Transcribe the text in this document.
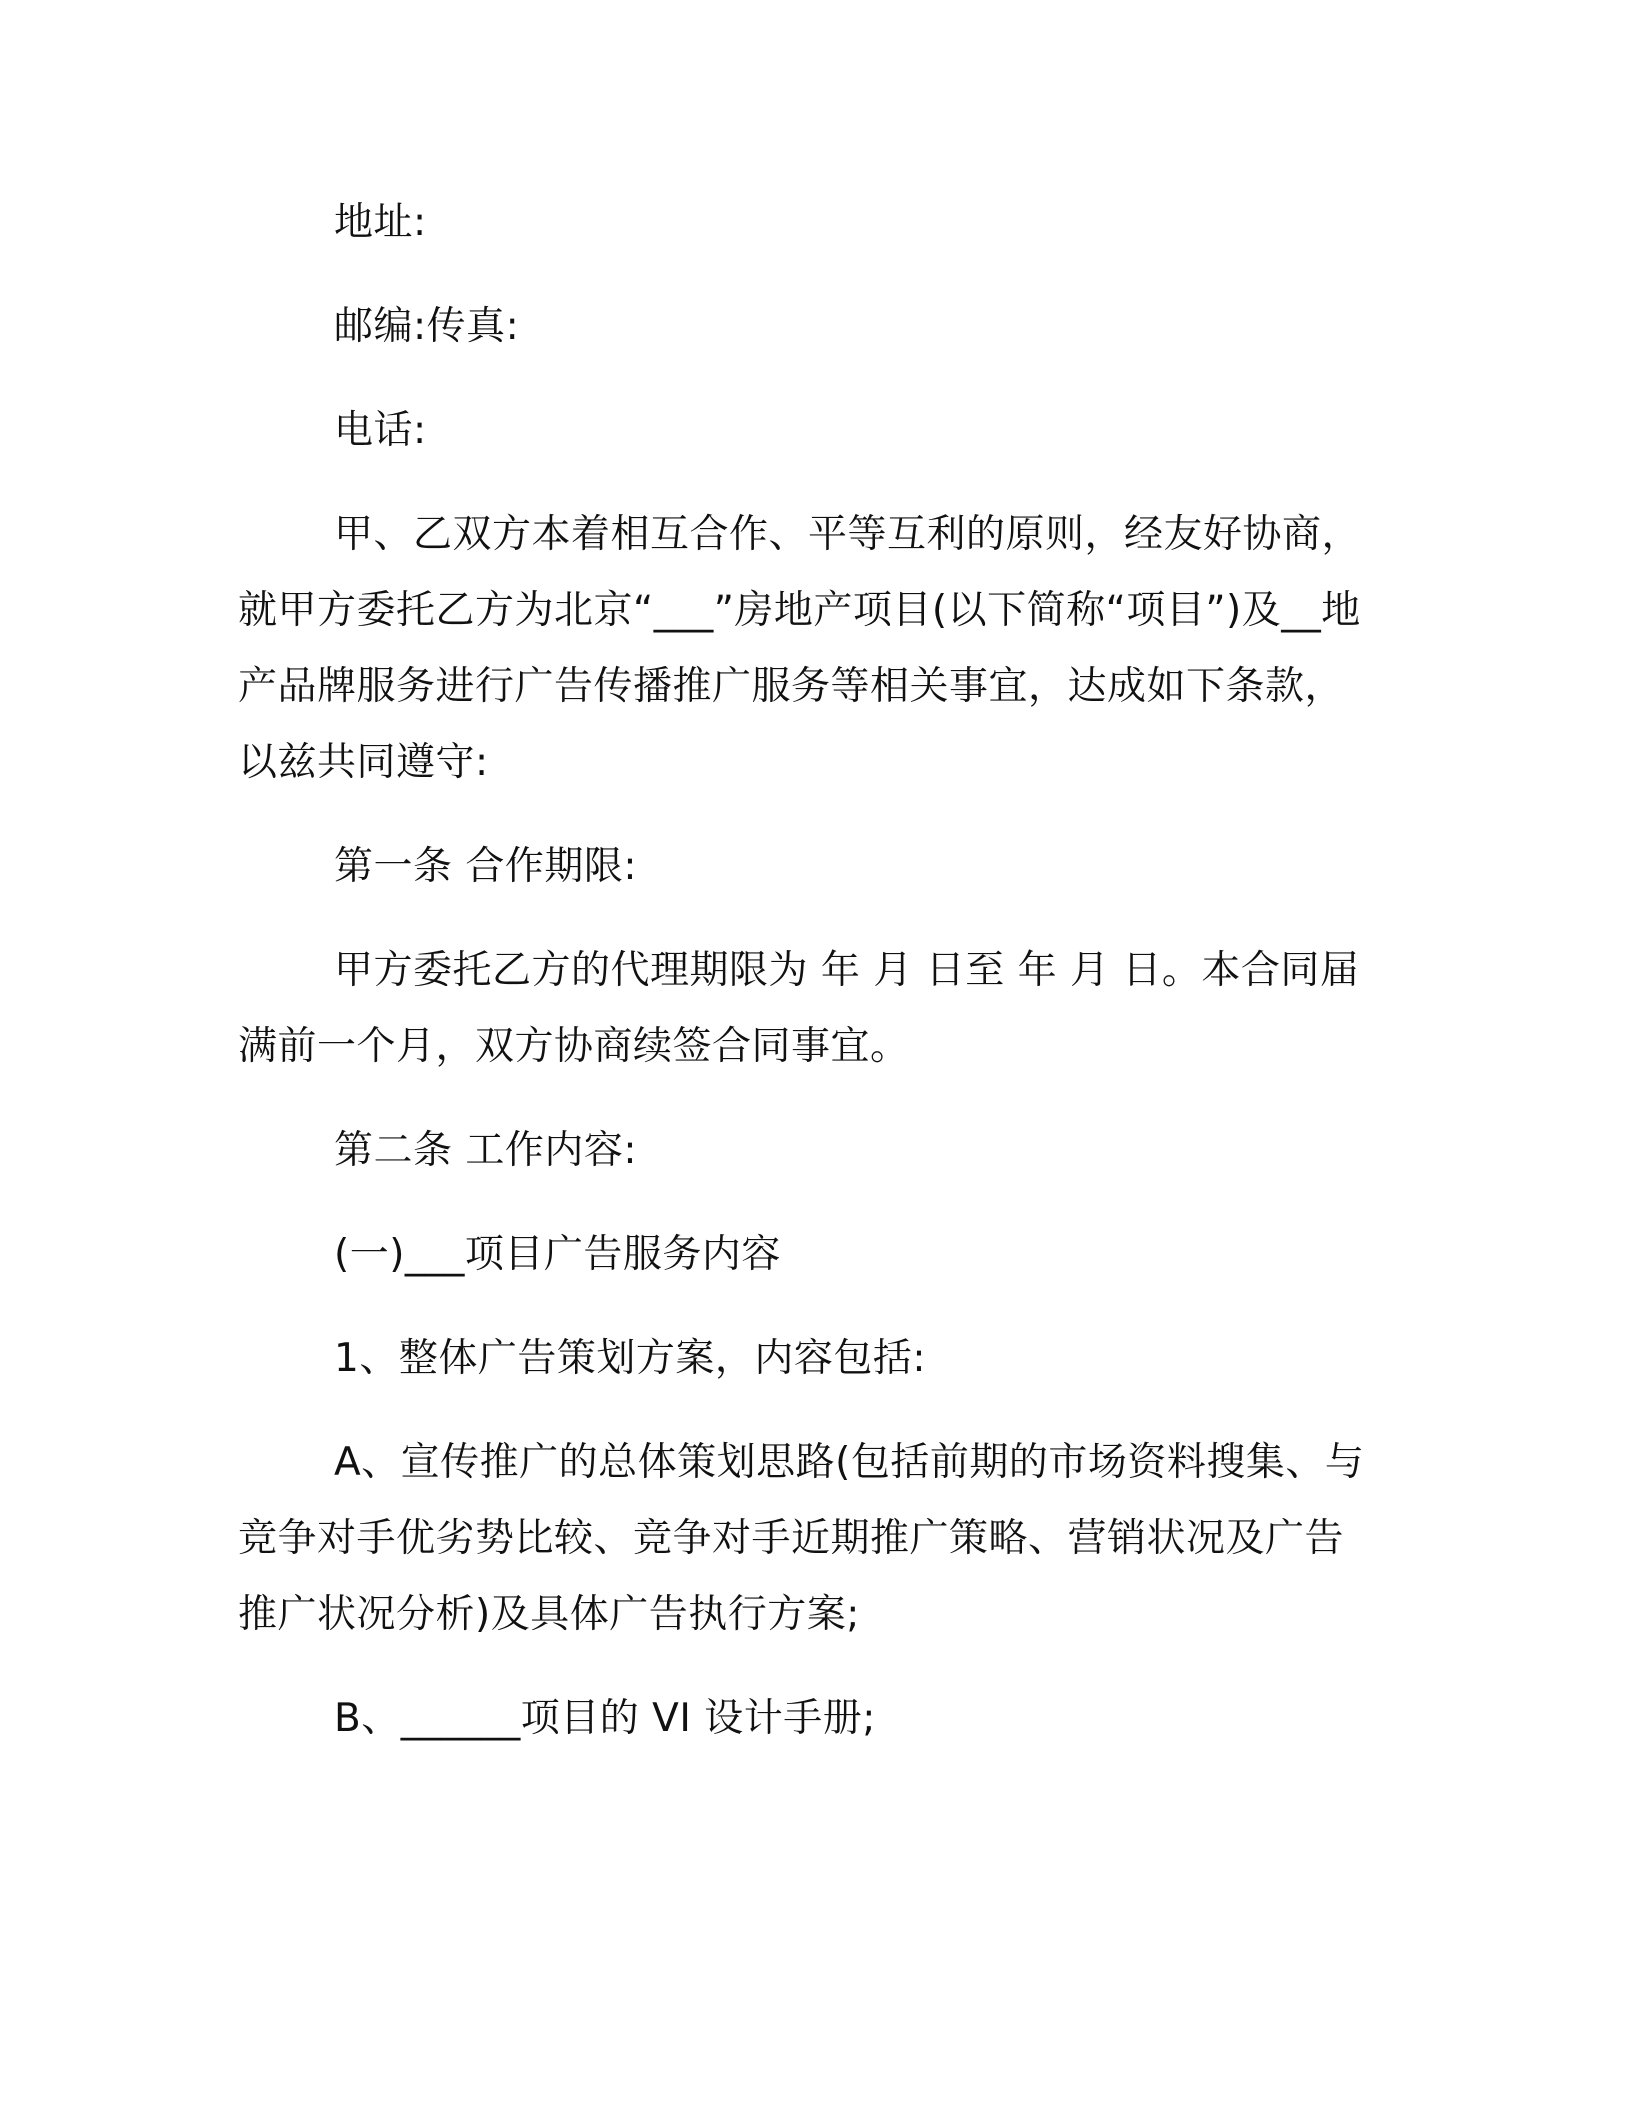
地址:

邮编:传真:

电话:

甲、乙双方本着相互合作、平等互利的原则，经友好协商，就甲方委托乙方为北京“___”房地产项目(以下简称“项目”)及__地产品牌服务进行广告传播推广服务等相关事宜，达成如下条款，以兹共同遵守:

第一条 合作期限:

甲方委托乙方的代理期限为 年 月 日至 年 月 日。本合同届满前一个月，双方协商续签合同事宜。

第二条 工作内容:

(一)___项目广告服务内容

1、整体广告策划方案，内容包括:

A、宣传推广的总体策划思路(包括前期的市场资料搜集、与竞争对手优劣势比较、竞争对手近期推广策略、营销状况及广告推广状况分析)及具体广告执行方案;

B、______项目的 VI 设计手册;
